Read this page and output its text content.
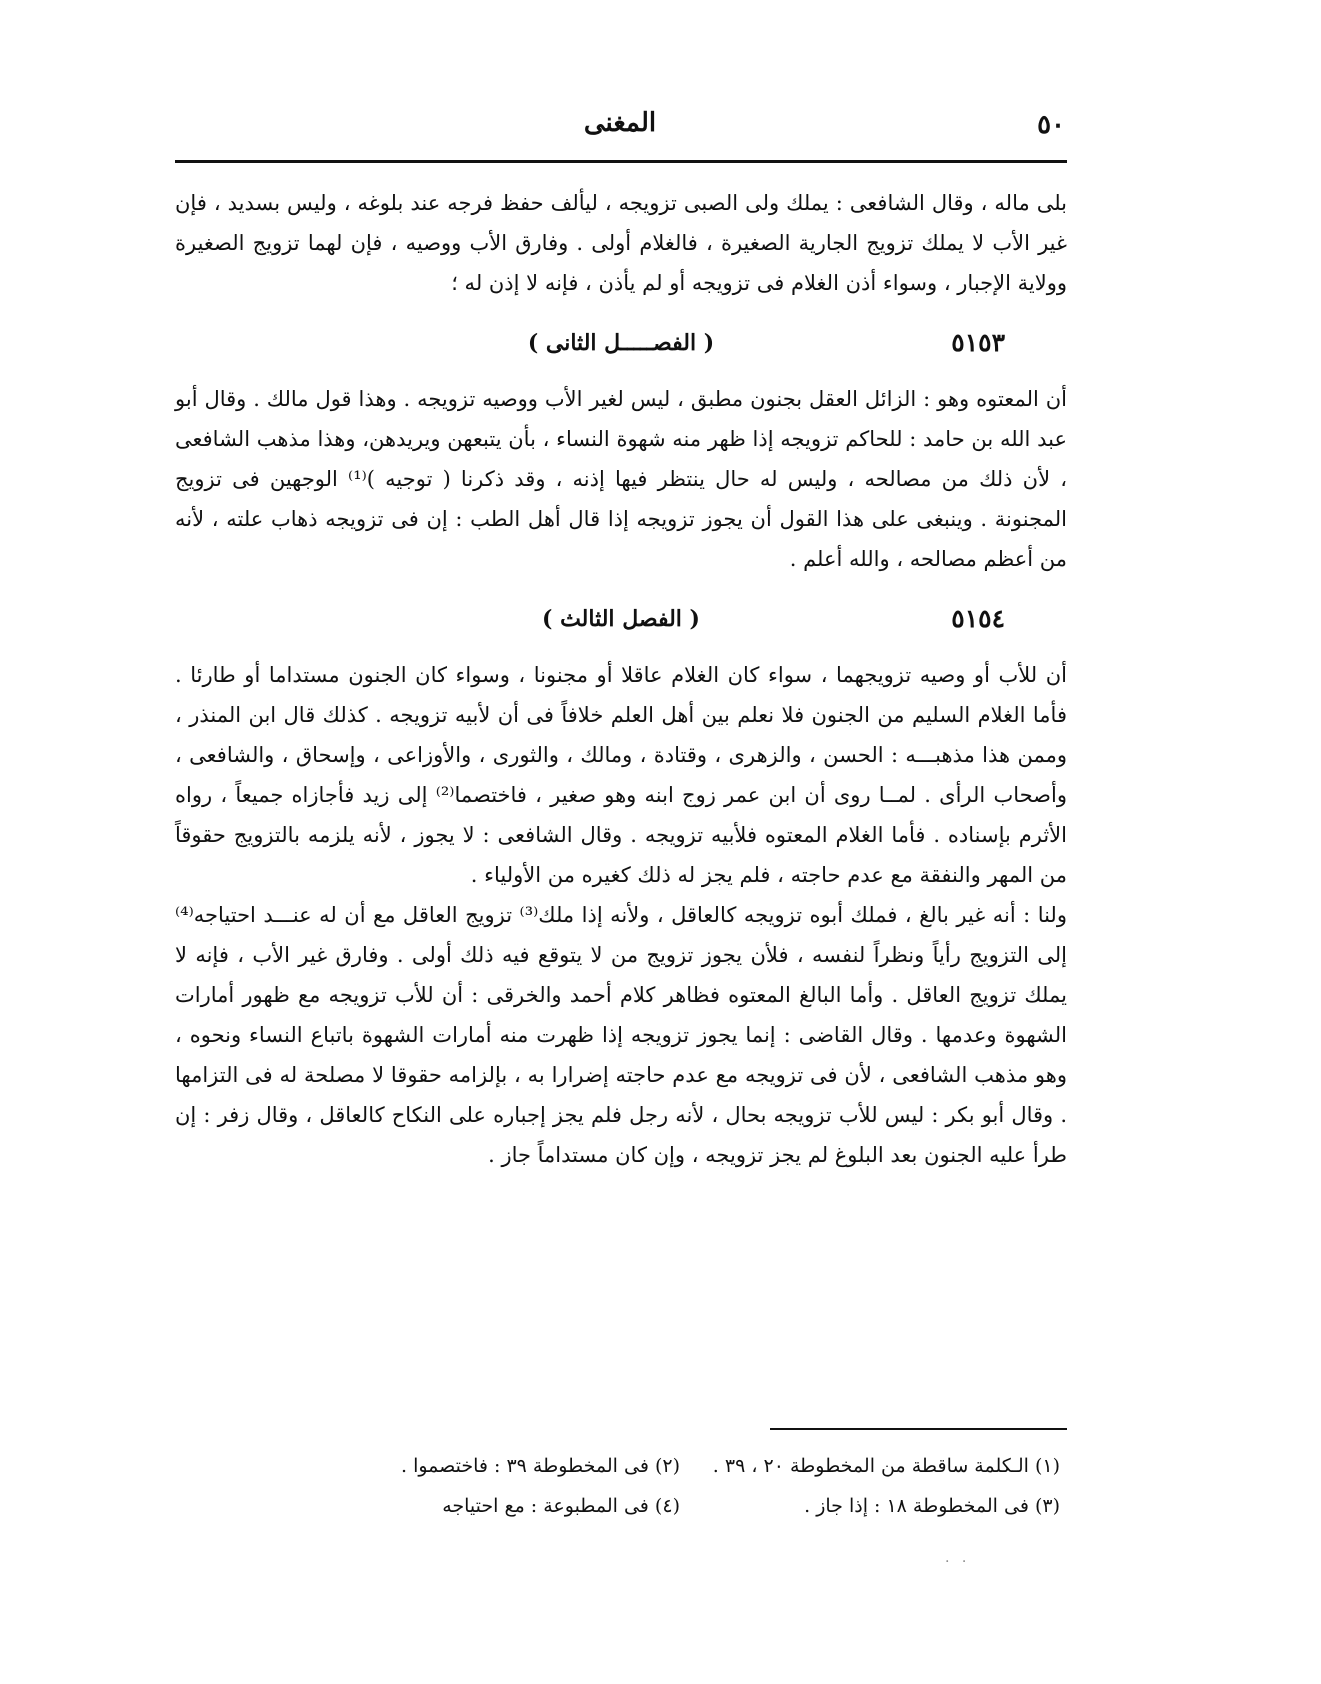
٥٠
المغنى

بلى ماله ، وقال الشافعى : يملك ولى الصبى تزويجه ، ليألف حفظ فرجه عند بلوغه ، وليس بسديد ، فإن غير الأب لا يملك تزويج الجارية الصغيرة ، فالغلام أولى . وفارق الأب ووصيه ، فإن لهما تزويج الصغيرة وولاية الإجبار ، وسواء أذن الغلام فى تزويجه أو لم يأذن ، فإنه لا إذن له ؛

٥١٥٣
( الفصـــــل الثانى )

أن المعتوه وهو : الزائل العقل بجنون مطبق ، ليس لغير الأب ووصيه تزويجه . وهذا قول مالك . وقال أبو عبد الله بن حامد : للحاكم تزويجه إذا ظهر منه شهوة النساء ، بأن يتبعهن ويريدهن، وهذا مذهب الشافعى ، لأن ذلك من مصالحه ، وليس له حال ينتظر فيها إذنه ، وقد ذكرنا ( توجيه )⁽¹⁾ الوجهين فى تزويج المجنونة . وينبغى على هذا القول أن يجوز تزويجه إذا قال أهل الطب : إن فى تزويجه ذهاب علته ، لأنه من أعظم مصالحه ، والله أعلم .

٥١٥٤
( الفصل الثالث )

أن للأب أو وصيه تزويجهما ، سواء كان الغلام عاقلا أو مجنونا ، وسواء كان الجنون مستداما أو طارئا . فأما الغلام السليم من الجنون فلا نعلم بين أهل العلم خلافاً فى أن لأبيه تزويجه . كذلك قال ابن المنذر ، وممن هذا مذهبـــه : الحسن ، والزهرى ، وقتادة ، ومالك ، والثورى ، والأوزاعى ، وإسحاق ، والشافعى ، وأصحاب الرأى . لمــا روى أن ابن عمر زوج ابنه وهو صغير ، فاختصما⁽²⁾ إلى زيد فأجازاه جميعاً ، رواه الأثرم بإسناده . فأما الغلام المعتوه فلأبيه تزويجه . وقال الشافعى : لا يجوز ، لأنه يلزمه بالتزويج حقوقاً من المهر والنفقة مع عدم حاجته ، فلم يجز له ذلك كغيره من الأولياء .

ولنا : أنه غير بالغ ، فملك أبوه تزويجه كالعاقل ، ولأنه إذا ملك⁽³⁾ تزويج العاقل مع أن له عنـــد احتياجه⁽⁴⁾ إلى التزويج رأياً ونظراً لنفسه ، فلأن يجوز تزويج من لا يتوقع فيه ذلك أولى . وفارق غير الأب ، فإنه لا يملك تزويج العاقل . وأما البالغ المعتوه فظاهر كلام أحمد والخرقى : أن للأب تزويجه مع ظهور أمارات الشهوة وعدمها . وقال القاضى : إنما يجوز تزويجه إذا ظهرت منه أمارات الشهوة باتباع النساء ونحوه ، وهو مذهب الشافعى ، لأن فى تزويجه مع عدم حاجته إضرارا به ، بإلزامه حقوقا لا مصلحة له فى التزامها . وقال أبو بكر : ليس للأب تزويجه بحال ، لأنه رجل فلم يجز إجباره على النكاح كالعاقل ، وقال زفر : إن طرأ عليه الجنون بعد البلوغ لم يجز تزويجه ، وإن كان مستداماً جاز .

(١) الـكلمة ساقطة من المخطوطة ٢٠ ، ٣٩ .
(٢) فى المخطوطة ٣٩ : فاختصموا .
(٣) فى المخطوطة ١٨ : إذا جاز .
(٤) فى المطبوعة : مع احتياجه
. .
